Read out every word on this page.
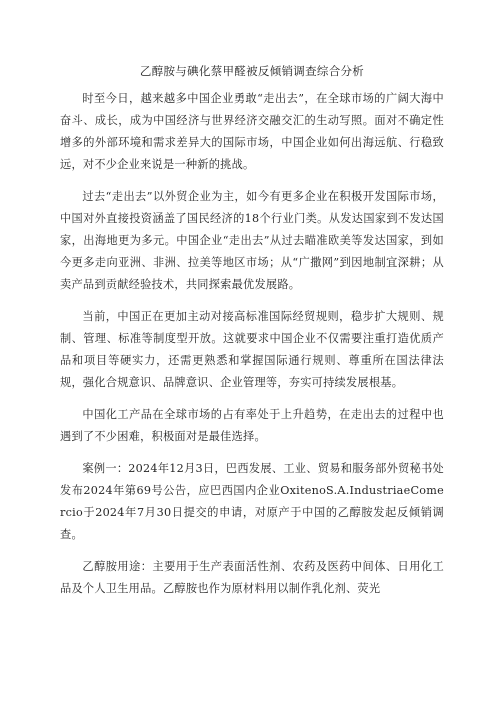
乙醇胺与碘化蔡甲醛被反倾销调查综合分析

时至今日，越来越多中国企业勇敢“走出去”，在全球市场的广阔大海中奋斗、成长，成为中国经济与世界经济交融交汇的生动写照。面对不确定性增多的外部环境和需求差异大的国际市场，中国企业如何出海远航、行稳致远，对不少企业来说是一种新的挑战。

过去“走出去”以外贸企业为主，如今有更多企业在积极开发国际市场，中国对外直接投资涵盖了国民经济的18个行业门类。从发达国家到不发达国家，出海地更为多元。中国企业“走出去”从过去瞄准欧美等发达国家，到如今更多走向亚洲、非洲、拉美等地区市场；从“广撒网”到因地制宜深耕；从卖产品到贡献经验技术，共同探索最优发展路。

当前，中国正在更加主动对接高标准国际经贸规则，稳步扩大规则、规制、管理、标准等制度型开放。这就要求中国企业不仅需要注重打造优质产品和项目等硬实力，还需更熟悉和掌握国际通行规则、尊重所在国法律法规，强化合规意识、品牌意识、企业管理等，夯实可持续发展根基。

中国化工产品在全球市场的占有率处于上升趋势，在走出去的过程中也遇到了不少困难，积极面对是最佳选择。

案例一：2024年12月3日，巴西发展、工业、贸易和服务部外贸秘书处发布2024年第69号公告，应巴西国内企业OxitenoS.A.IndustriaeComercio于2024年7月30日提交的申请，对原产于中国的乙醇胺发起反倾销调查。

乙醇胺用途：主要用于生产表面活性剂、农药及医药中间体、日用化工品及个人卫生用品。乙醇胺也作为原材料用以制作乳化剂、荧光
